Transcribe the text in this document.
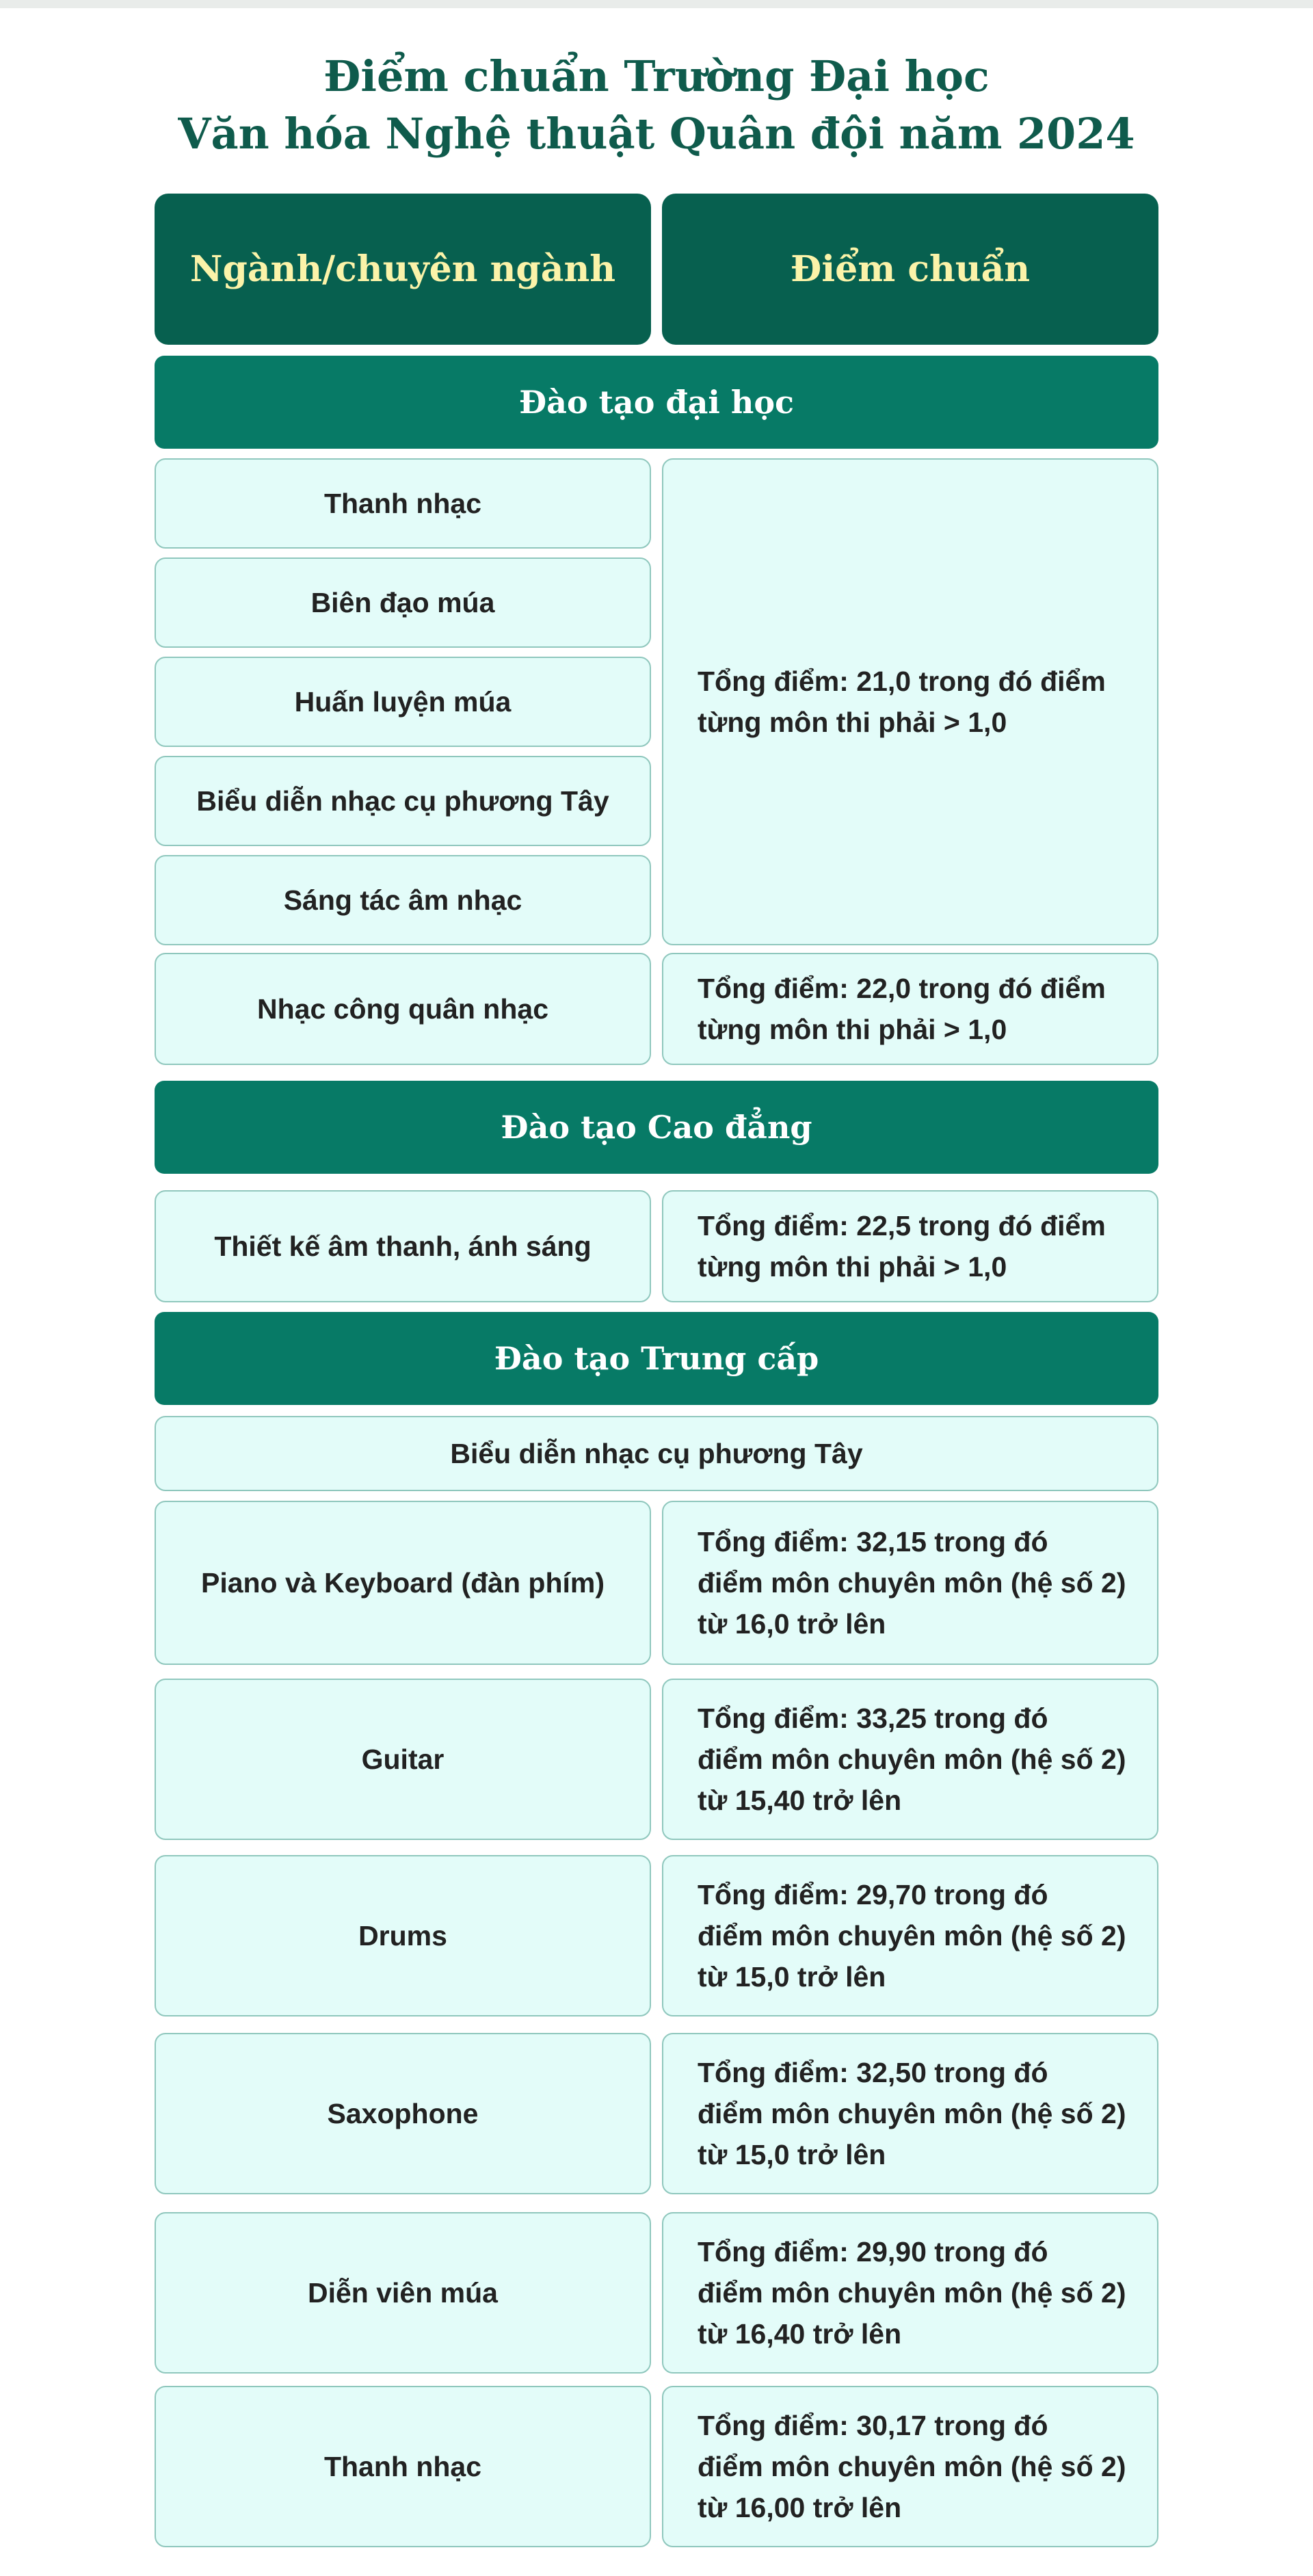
Điểm chuẩn Trường Đại học
Văn hóa Nghệ thuật Quân đội năm 2024
Ngành/chuyên ngành	Điểm chuẩn
Đào tạo đại học
Thanh nhạc
Biên đạo múa
Huấn luyện múa
Biểu diễn nhạc cụ phương Tây
Sáng tác âm nhạc
Tổng điểm: 21,0 trong đó điểm
từng môn thi phải > 1,0
Nhạc công quân nhạc
Tổng điểm: 22,0 trong đó điểm
từng môn thi phải > 1,0
Đào tạo Cao đẳng
Thiết kế âm thanh, ánh sáng
Tổng điểm: 22,5 trong đó điểm
từng môn thi phải > 1,0
Đào tạo Trung cấp
Biểu diễn nhạc cụ phương Tây
Piano và Keyboard (đàn phím)
Tổng điểm: 32,15 trong đó
điểm môn chuyên môn (hệ số 2)
từ 16,0 trở lên
Guitar
Tổng điểm: 33,25 trong đó
điểm môn chuyên môn (hệ số 2)
từ 15,40 trở lên
Drums
Tổng điểm: 29,70 trong đó
điểm môn chuyên môn (hệ số 2)
từ 15,0 trở lên
Saxophone
Tổng điểm: 32,50 trong đó
điểm môn chuyên môn (hệ số 2)
từ 15,0 trở lên
Diễn viên múa
Tổng điểm: 29,90 trong đó
điểm môn chuyên môn (hệ số 2)
từ 16,40 trở lên
Thanh nhạc
Tổng điểm: 30,17 trong đó
điểm môn chuyên môn (hệ số 2)
từ 16,00 trở lên
